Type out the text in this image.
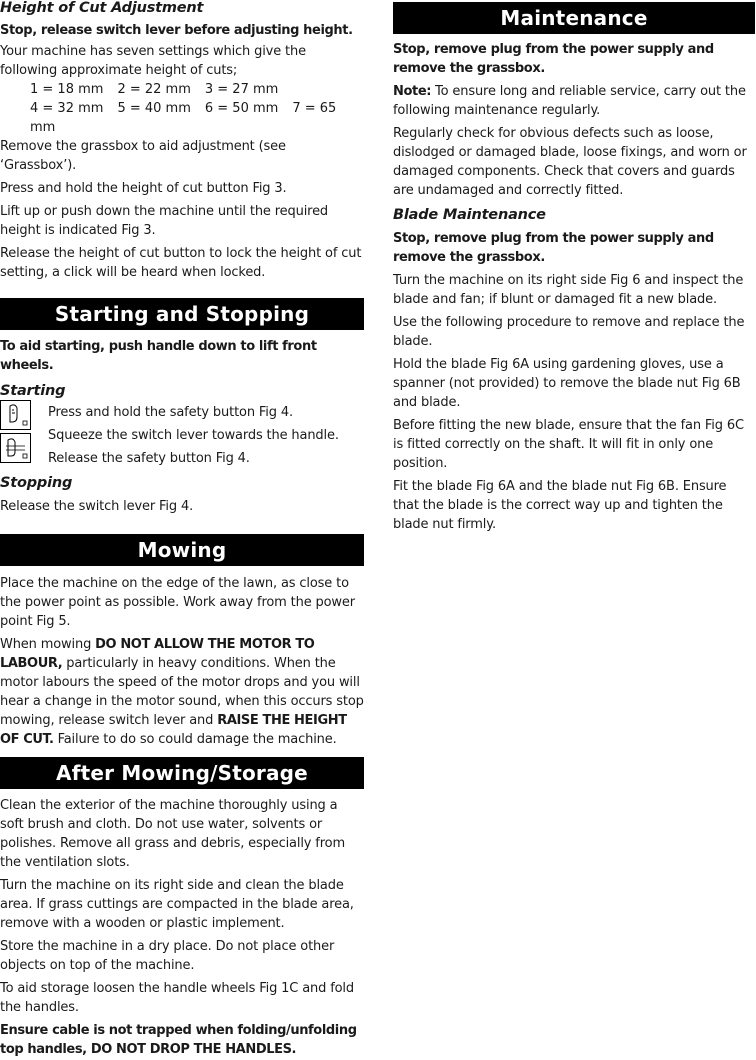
Height of Cut Adjustment

Stop, release switch lever before adjusting height.

Your machine has seven settings which give the following approximate height of cuts;

1 = 18 mm 2 = 22 mm 3 = 27 mm
4 = 32 mm 5 = 40 mm 6 = 50 mm 7 = 65 mm

Remove the grassbox to aid adjustment (see ‘Grassbox’).

Press and hold the height of cut button Fig 3.

Lift up or push down the machine until the required height is indicated Fig 3.

Release the height of cut button to lock the height of cut setting, a click will be heard when locked.

Starting and Stopping

To aid starting, push handle down to lift front wheels.

Starting

Press and hold the safety button Fig 4.

Squeeze the switch lever towards the handle.

Release the safety button Fig 4.

Stopping

Release the switch lever Fig 4.

Mowing

Place the machine on the edge of the lawn, as close to the power point as possible. Work away from the power point Fig 5.

When mowing DO NOT ALLOW THE MOTOR TO LABOUR, particularly in heavy conditions. When the motor labours the speed of the motor drops and you will hear a change in the motor sound, when this occurs stop mowing, release switch lever and RAISE THE HEIGHT OF CUT. Failure to do so could damage the machine.

After Mowing/Storage

Clean the exterior of the machine thoroughly using a soft brush and cloth. Do not use water, solvents or polishes. Remove all grass and debris, especially from the ventilation slots.

Turn the machine on its right side and clean the blade area. If grass cuttings are compacted in the blade area, remove with a wooden or plastic implement.

Store the machine in a dry place. Do not place other objects on top of the machine.

To aid storage loosen the handle wheels Fig 1C and fold the handles.

Ensure cable is not trapped when folding/unfolding top handles, DO NOT DROP THE HANDLES.

Maintenance

Stop, remove plug from the power supply and remove the grassbox.

Note: To ensure long and reliable service, carry out the following maintenance regularly.

Regularly check for obvious defects such as loose, dislodged or damaged blade, loose fixings, and worn or damaged components. Check that covers and guards are undamaged and correctly fitted.

Blade Maintenance

Stop, remove plug from the power supply and remove the grassbox.

Turn the machine on its right side Fig 6 and inspect the blade and fan; if blunt or damaged fit a new blade.

Use the following procedure to remove and replace the blade.

Hold the blade Fig 6A using gardening gloves, use a spanner (not provided) to remove the blade nut Fig 6B and blade.

Before fitting the new blade, ensure that the fan Fig 6C is fitted correctly on the shaft. It will fit in only one position.

Fit the blade Fig 6A and the blade nut Fig 6B. Ensure that the blade is the correct way up and tighten the blade nut firmly.
